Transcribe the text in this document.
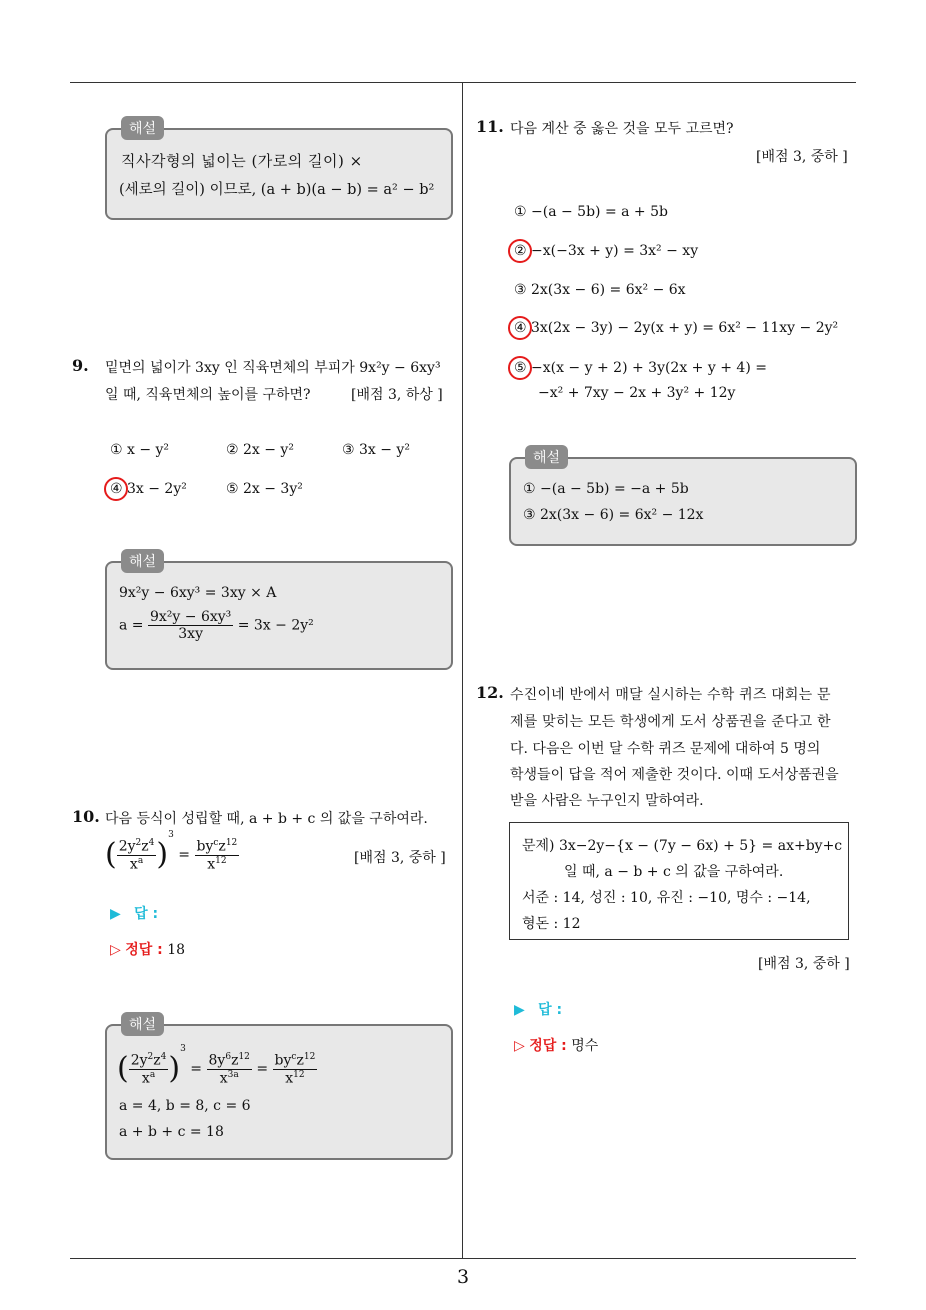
해설
직사각형의 넓이는 (가로의 길이) ×
(세로의 길이) 이므로, (a + b)(a − b) = a² − b²
9. 밑면의 넓이가 3xy 인 직육면체의 부피가 9x²y − 6xy³
일 때, 직육면체의 높이를 구하면?	[배점 3, 하상 ]
① x − y²	② 2x − y²	③ 3x − y²
④ 3x − 2y²	⑤ 2x − 3y²
해설
9x²y − 6xy³ = 3xy × A
$a = \frac{\text{9x²y − 6xy³}}{3xy} = 3x - 2y^2$
10. 다음 등식이 성립할 때, a + b + c 의 값을 구하여라.
( $\frac{2y^2z^4}{x^a} )^3 = \frac{by^cz^{12}}{x^{12}}$	[배점 3, 중하 ]
▶ 답 :
▷ 정답 : 18
해설
( $\frac{2y^2z^4}{x^a} )^3 = \frac{8y^6z^{12}}{x^{3a}} = \frac{by^cz^{12}}{x^{12}}$
a = 4, b = 8, c = 6
a + b + c = 18
11. 다음 계산 중 옳은 것을 모두 고르면?
[배점 3, 중하 ]
① −(a − 5b) = a + 5b
② −x(−3x + y) = 3x² − xy
③ 2x(3x − 6) = 6x² − 6x
④ 3x(2x − 3y) − 2y(x + y) = 6x² − 11xy − 2y²
⑤ −x(x − y + 2) + 3y(2x + y + 4) =
−x² + 7xy − 2x + 3y² + 12y
해설
① −(a − 5b) = −a + 5b
③ 2x(3x − 6) = 6x² − 12x
12. 수진이네 반에서 매달 실시하는 수학 퀴즈 대회는 문
제를 맞히는 모든 학생에게 도서 상품권을 준다고 한
다. 다음은 이번 달 수학 퀴즈 문제에 대하여 5 명의
학생들이 답을 적어 제출한 것이다. 이때 도서상품권을
받을 사람은 누구인지 말하여라.
문제) 3x−2y−{x − (7y − 6x) + 5} = ax+by+c
일 때, a − b + c 의 값을 구하여라.
서준 : 14, 성진 : 10, 유진 : −10, 명수 : −14,
형돈 : 12
[배점 3, 중하 ]
▶ 답 :
▷ 정답 : 명수
3
